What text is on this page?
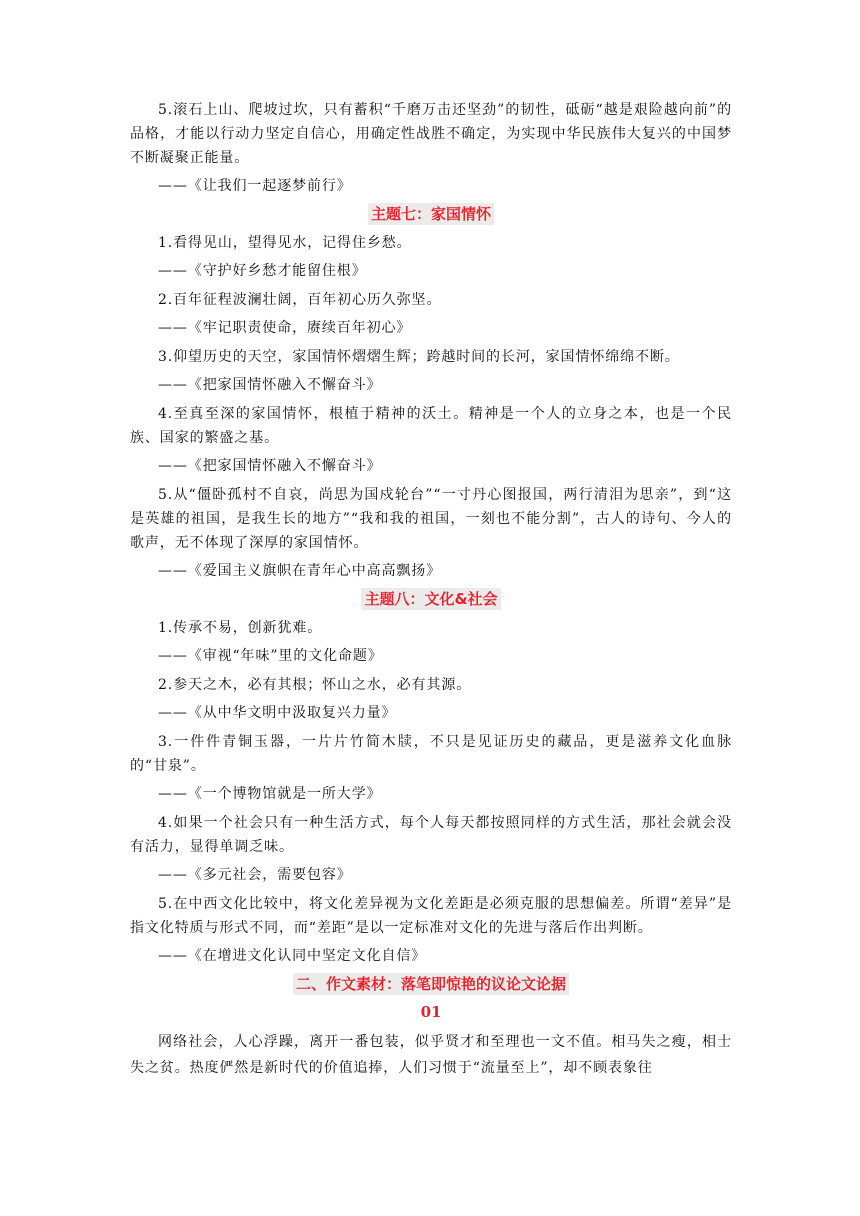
5.滚石上山、爬坡过坎，只有蓄积“千磨万击还坚劲”的韧性，砥砺“越是艰险越向前”的品格，才能以行动力坚定自信心，用确定性战胜不确定，为实现中华民族伟大复兴的中国梦不断凝聚正能量。

——《让我们一起逐梦前行》

主题七：家国情怀

1.看得见山，望得见水，记得住乡愁。

——《守护好乡愁才能留住根》

2.百年征程波澜壮阔，百年初心历久弥坚。

——《牢记职责使命，赓续百年初心》

3.仰望历史的天空，家国情怀熠熠生辉；跨越时间的长河，家国情怀绵绵不断。

——《把家国情怀融入不懈奋斗》

4.至真至深的家国情怀，根植于精神的沃土。精神是一个人的立身之本，也是一个民族、国家的繁盛之基。

——《把家国情怀融入不懈奋斗》

5.从“僵卧孤村不自哀，尚思为国戍轮台”“一寸丹心图报国，两行清泪为思亲”，到“这是英雄的祖国，是我生长的地方”“我和我的祖国，一刻也不能分割”，古人的诗句、今人的歌声，无不体现了深厚的家国情怀。

——《爱国主义旗帜在青年心中高高飘扬》

主题八：文化&社会

1.传承不易，创新犹难。

——《审视“年味”里的文化命题》

2.参天之木，必有其根；怀山之水，必有其源。

——《从中华文明中汲取复兴力量》

3.一件件青铜玉器，一片片竹简木牍，不只是见证历史的藏品，更是滋养文化血脉的“甘泉”。

——《一个博物馆就是一所大学》

4.如果一个社会只有一种生活方式，每个人每天都按照同样的方式生活，那社会就会没有活力，显得单调乏味。

——《多元社会，需要包容》

5.在中西文化比较中，将文化差异视为文化差距是必须克服的思想偏差。所谓“差异”是指文化特质与形式不同，而“差距”是以一定标准对文化的先进与落后作出判断。

——《在增进文化认同中坚定文化自信》

二、作文素材：落笔即惊艳的议论文论据
01

网络社会，人心浮躁，离开一番包装，似乎贤才和至理也一文不值。相马失之瘦，相士失之贫。热度俨然是新时代的价值追捧，人们习惯于“流量至上”，却不顾表象往
